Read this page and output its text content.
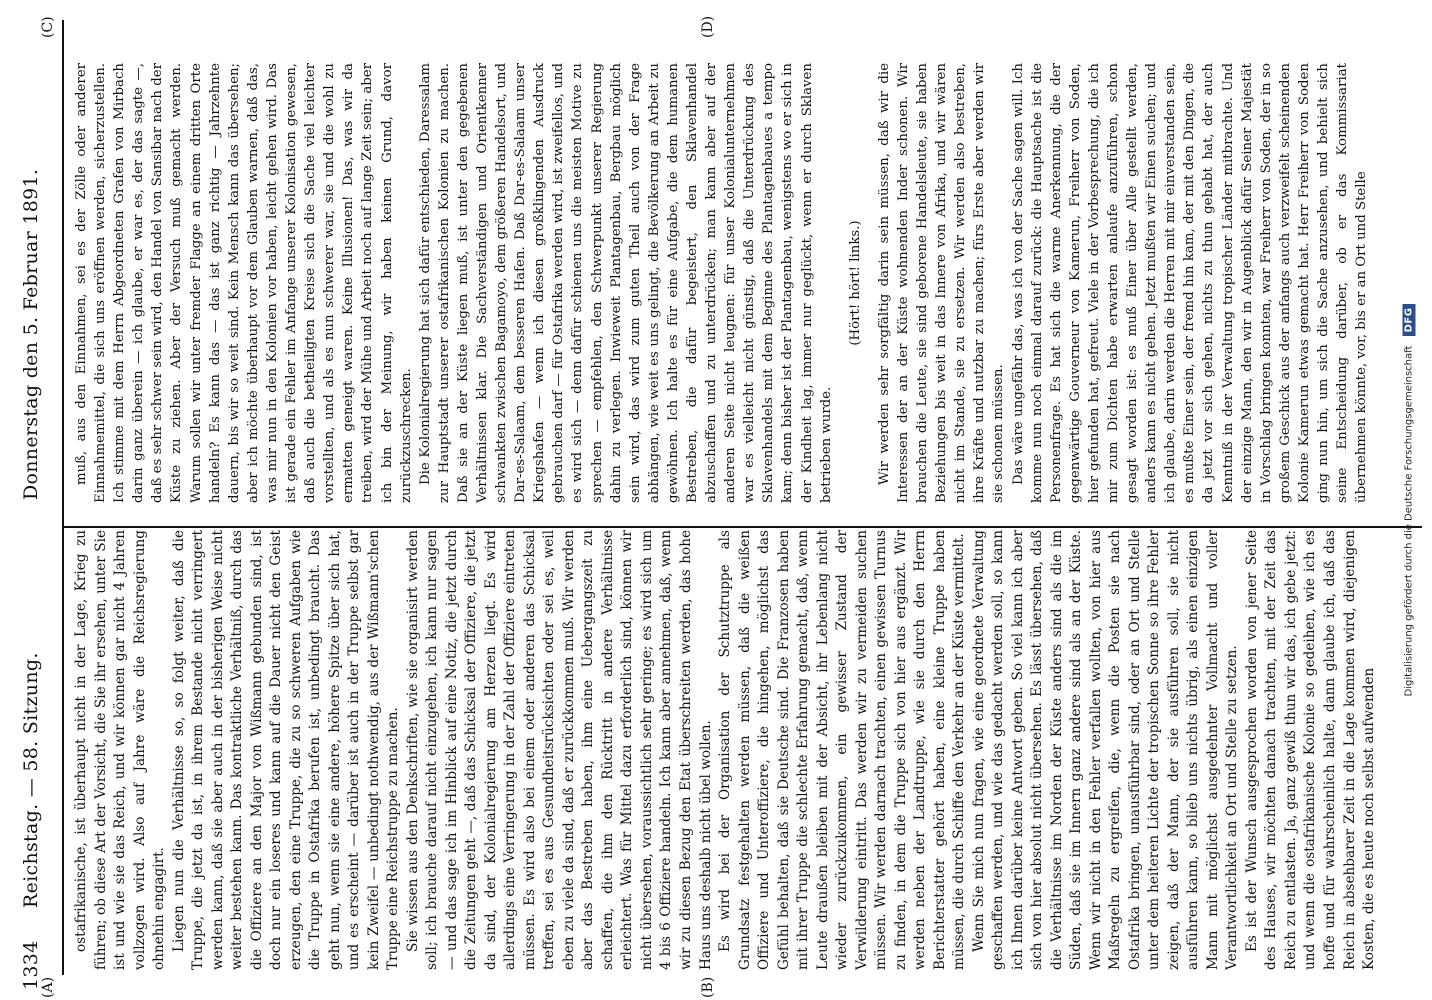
1334
Reichstag. — 58. Sitzung.
Donnerstag den 5. Februar 1891.
(A)	(B)
(C)	(D)

ostafrikanische, ist überhaupt nicht in der Lage, Krieg zu führen; ob diese Art der Vorsicht, die Sie ihr ersehen, unter Sie ist und wie sie das Reich, und wir können gar nicht 4 Jahren vollzogen wird. Also auf Jahre wäre die Reichsregierung ohnehin engagirt. Liegen nun die Verhältnisse so, so folgt weiter, daß die Truppe, die jetzt da ist, in ihrem Bestande nicht verringert werden kann, daß sie aber auch in der bisherigen Weise nicht weiter bestehen kann. Das kontraktliche Verhältniß, durch das die Offiziere an den Major von Wißmann gebunden sind, ist doch nur ein loseres und kann auf die Dauer nicht den Geist erzeugen, den eine Truppe, die zu so schweren Aufgaben wie die Truppe in Ostafrika berufen ist, unbedingt braucht. Das geht nun, wenn sie eine andere, höhere Spitze über sich hat, und es erscheint — darüber ist auch in der Truppe selbst gar kein Zweifel — unbedingt nothwendig, aus der Wißmann'schen Truppe eine Reichstruppe zu machen. Sie wissen aus den Denkschriften, wie sie organisirt werden soll; ich brauche darauf nicht einzugehen, ich kann nur sagen — und das sage ich im Hinblick auf eine Notiz, die jetzt durch die Zeitungen geht —, daß das Schicksal der Offiziere, die jetzt da sind, der Kolonialregierung am Herzen liegt. Es wird allerdings eine Verringerung in der Zahl der Offiziere eintreten müssen. Es wird also bei einem oder anderen das Schicksal treffen, sei es aus Gesundheitsrücksichten oder sei es, weil eben zu viele da sind, daß er zurückkommen muß. Wir werden aber das Bestreben haben, ihm eine Uebergangszeit zu schaffen, die ihm den Rücktritt in andere Verhältnisse erleichtert. Was für Mittel dazu erforderlich sind, können wir nicht übersehen, voraussichtlich sehr geringe; es wird sich um 4 bis 6 Offiziere handeln. Ich kann aber annehmen, daß, wenn wir zu diesen Bezug den Etat überschreiten werden, das hohe Haus uns deshalb nicht übel wollen. Es wird bei der Organisation der Schutztruppe als Grundsatz festgehalten werden müssen, daß die weißen Offiziere und Unteroffiziere, die hingehen, möglichst das Gefühl behalten, daß sie Deutsche sind. Die Franzosen haben mit ihrer Truppe die schlechte Erfahrung gemacht, daß, wenn Leute draußen bleiben mit der Absicht, ihr Lebenlang nicht wieder zurückzukommen, ein gewisser Zustand der Verwilderung eintritt. Das werden wir zu vermeiden suchen müssen. Wir werden darnach trachten, einen gewissen Turnus zu finden, in dem die Truppe sich von hier aus ergänzt. Wir werden neben der Landtruppe, wie sie durch den Herrn Berichterstatter gehört haben, eine kleine Truppe haben müssen, die durch Schiffe den Verkehr an der Küste vermittelt. Wenn Sie mich nun fragen, wie eine geordnete Verwaltung geschaffen werden, und wie das gedacht werden soll, so kann ich Ihnen darüber keine Antwort geben. So viel kann ich aber sich von hier absolut nicht übersehen. Es lässt übersehen, daß die Verhältnisse im Norden der Küste anders sind als die im Süden, daß sie im Innern ganz andere sind als an der Küste. Wenn wir nicht in den Fehler verfallen wollten, von hier aus Maßregeln zu ergreifen, die, wenn die Posten sie nach Ostafrika bringen, unausführbar sind, oder an Ort und Stelle unter dem heiteren Lichte der tropischen Sonne so ihre Fehler zeigen, daß der Mann, der sie ausführen soll, sie nicht ausführen kann, so blieb uns nichts übrig, als einen einzigen Mann mit möglichst ausgedehnter Vollmacht und voller Verantwortlichkeit an Ort und Stelle zu setzen. Es ist der Wunsch ausgesprochen worden von jener Seite des Hauses, wir möchten danach trachten, mit der Zeit das Reich zu entlasten. Ja, ganz gewiß thun wir das, ich gebe jetzt: und wenn die ostafrikanische Kolonie so gedeihen, wie ich es hoffe und für wahrscheinlich halte, dann glaube ich, daß das Reich in absehbarer Zeit in die Lage kommen wird, diejenigen Kosten, die es heute noch selbst aufwenden

muß, aus den Einnahmen, sei es der Zölle oder anderer Einnahmemittel, die sich uns eröffnen werden, sicherzustellen. Ich stimme mit dem Herrn Abgeordneten Grafen von Mirbach darin ganz überein — ich glaube, er war es, der das sagte —, daß es sehr schwer sein wird, den Handel von Sansibar nach der Küste zu ziehen. Aber der Versuch muß gemacht werden. Warum sollen wir unter fremder Flagge an einem dritten Orte handeln? Es kann das — das ist ganz richtig — Jahrzehnte dauern, bis wir so weit sind. Kein Mensch kann das übersehen; aber ich möchte überhaupt vor dem Glauben warnen, daß das, was mir nun in den Kolonien vor haben, leicht gehen wird. Das ist gerade ein Fehler im Anfange unserer Kolonisation gewesen, daß auch die betheiligten Kreise sich die Sache viel leichter vorstellten, und als es nun schwerer war, sie und die wohl zu ermatten geneigt waren. Keine Illusionen! Das, was wir da treiben, wird der Mühe und Arbeit noch auf lange Zeit sein; aber ich bin der Meinung, wir haben keinen Grund, davor zurückzuschrecken. Die Kolonialregierung hat sich dafür entschieden, Daressalam zur Hauptstadt unserer ostafrikanischen Kolonien zu machen. Daß sie an der Küste liegen muß, ist unter den gegebenen Verhältnissen klar. Die Sachverständigen und Orientkenner schwankten zwischen Bagamoyo, dem größeren Handelsort, und Dar-es-Salaam, dem besseren Hafen. Daß Dar-es-Salaam unser Kriegshafen — wenn ich diesen großklingenden Ausdruck gebrauchen darf — für Ostafrika werden wird, ist zweifellos, und es wird sich — denn dafür schienen uns die meisten Motive zu sprechen — empfehlen, den Schwerpunkt unserer Regierung dahin zu verlegen. Inwieweit Plantagenbau, Bergbau möglich sein wird, das wird zum guten Theil auch von der Frage abhängen, wie weit es uns gelingt, die Bevölkerung an Arbeit zu gewöhnen. Ich halte es für eine Aufgabe, die dem humanen Bestreben, die dafür begeistert, den Sklavenhandel abzuschaffen und zu unterdrücken; man kann aber auf der anderen Seite nicht leugnen: für unser Kolonialunternehmen war es vielleicht nicht günstig, daß die Unterdrückung des Sklavenhandels mit dem Beginne des Plantagenbaues a tempo kam; denn bisher ist der Plantagenbau, wenigstens wo er sich in der Kindheit lag, immer nur geglückt, wenn er durch Sklaven betrieben wurde.

(Hört! hört! links.) Wir werden sehr sorgfältig darin sein müssen, daß wir die Interessen der an der Küste wohnenden Inder schonen. Wir brauchen die Leute, sie sind geborene Handelsleute, sie haben Beziehungen bis weit in das Innere von Afrika, und wir wären nicht im Stande, sie zu ersetzen. Wir werden also bestreben, ihre Kräfte und nutzbar zu machen; fürs Erste aber werden wir sie schonen müssen. Das wäre ungefähr das, was ich von der Sache sagen will. Ich komme nun noch einmal darauf zurück: die Hauptsache ist die Personenfrage. Es hat sich die warme Anerkennung, die der gegenwärtige Gouverneur von Kamerun, Freiherr von Soden, hier gefunden hat, gefreut. Viele in der Vorbesprechung, die ich mir zum Dichten habe erwarten anlaufe anzuführen, schon gesagt worden ist: es muß Einer über Alle gestellt werden, anders kann es nicht gehen. Jetzt mußten wir Einen suchen; und ich glaube, darin werden die Herren mit mir einverstanden sein, es mußte Einer sein, der fremd hin kam, der mit den Dingen, die da jetzt vor sich gehen, nichts zu thun gehabt hat, der auch Kenntniß in der Verwaltung tropischer Länder mitbrachte. Und der einzige Mann, den wir in Augenblick dafür Seiner Majestät in Vorschlag bringen konnten, war Freiherr von Soden, der in so großem Geschick aus der anfangs auch verzweifelt scheinenden Kolonie Kamerun etwas gemacht hat. Herr Freiherr von Soden ging nun hin, um sich die Sache anzusehen, und behielt sich seine Entscheidung darüber, ob er das Kommissariat übernehmen könnte, vor, bis er an Ort und Stelle

Digitalisierung gefördert durch die Deutsche Forschungsgemeinschaft DFG
